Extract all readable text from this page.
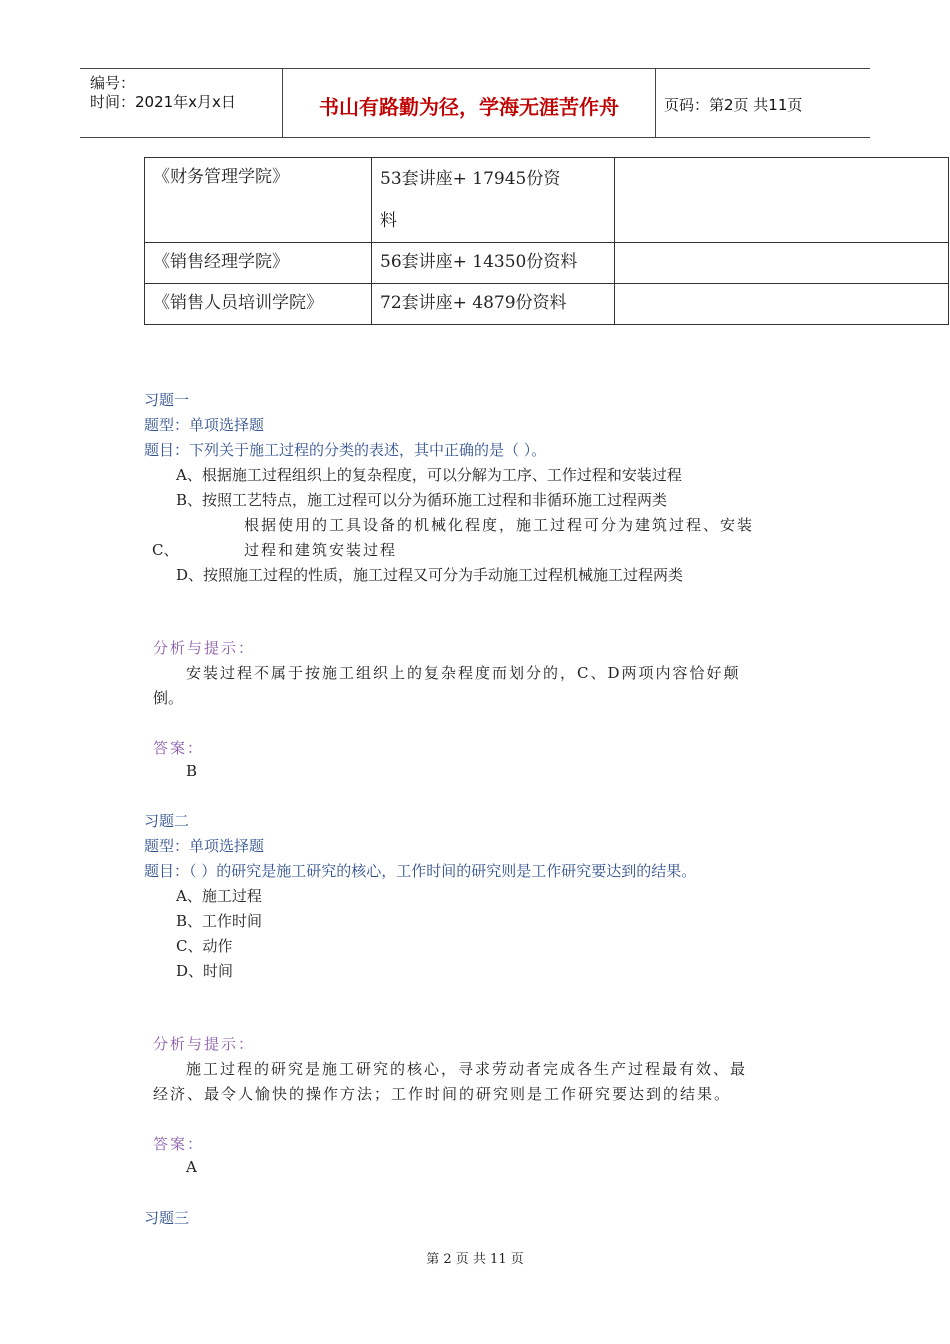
编号：
时间：2021年x月x日	书山有路勤为径，学海无涯苦作舟	页码：第2页 共11页
《财务管理学院》	53套讲座+ 17945份资
料	
《销售经理学院》	56套讲座+ 14350份资料	
《销售人员培训学院》	72套讲座+ 4879份资料	
习题一
题型：单项选择题
题目：下列关于施工过程的分类的表述，其中正确的是（ ）。
A、根据施工过程组织上的复杂程度，可以分解为工序、工作过程和安装过程
B、按照工艺特点，施工过程可以分为循环施工过程和非循环施工过程两类
根据使用的工具设备的机械化程度，施工过程可分为建筑过程、安装
C、	过程和建筑安装过程
D、按照施工过程的性质，施工过程又可分为手动施工过程机械施工过程两类
分析与提示：
安装过程不属于按施工组织上的复杂程度而划分的，C、D两项内容恰好颠
倒。
答案：
B
习题二
题型：单项选择题
题目：（ ）的研究是施工研究的核心，工作时间的研究则是工作研究要达到的结果。
A、施工过程
B、工作时间
C、动作
D、时间
分析与提示：
施工过程的研究是施工研究的核心，寻求劳动者完成各生产过程最有效、最
经济、最令人愉快的操作方法；工作时间的研究则是工作研究要达到的结果。
答案：
A
习题三
第 2 页 共 11 页
